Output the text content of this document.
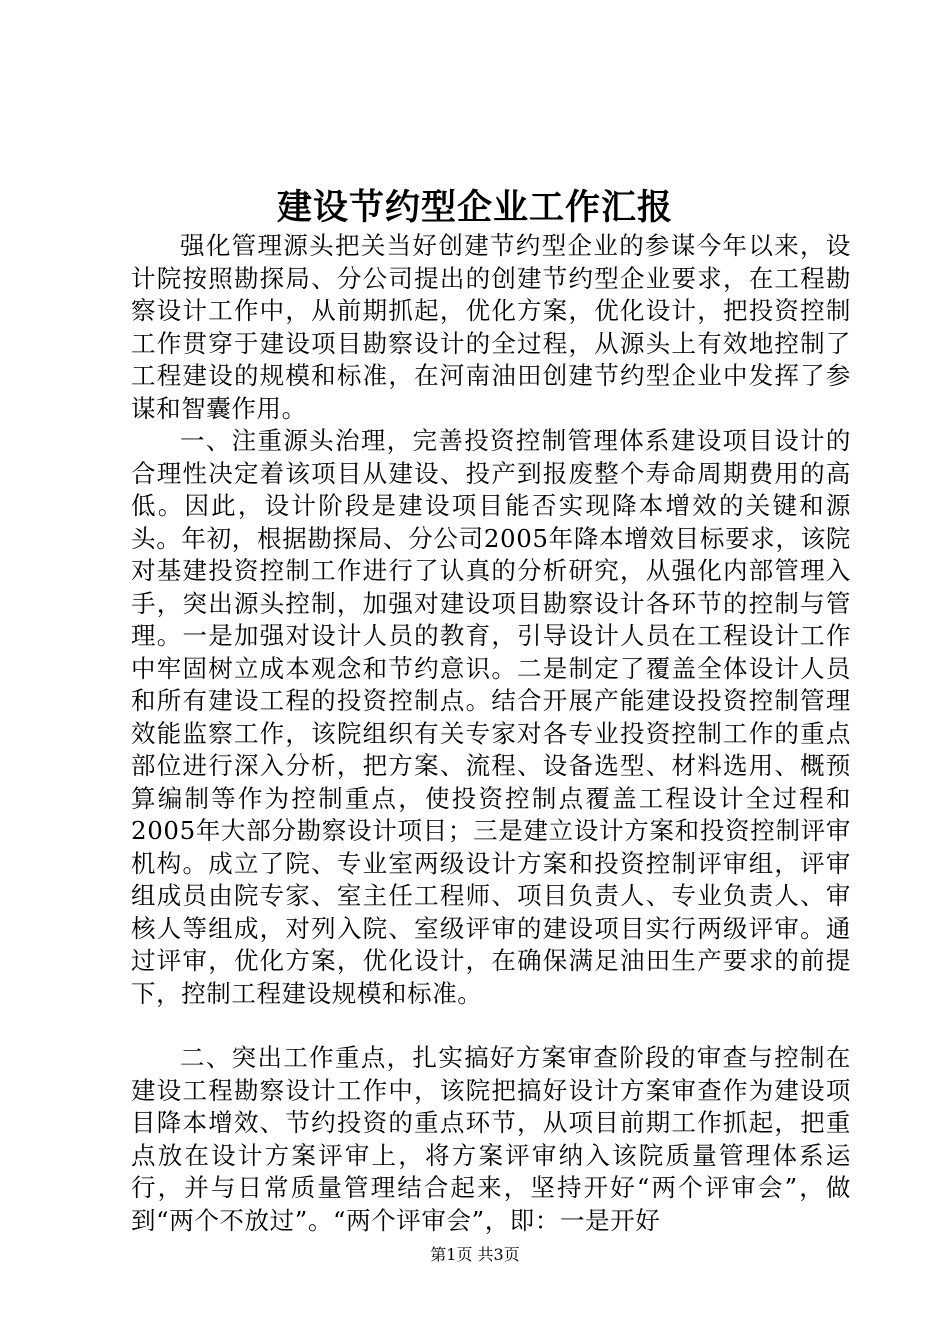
建设节约型企业工作汇报

强化管理源头把关当好创建节约型企业的参谋今年以来，设计院按照勘探局、分公司提出的创建节约型企业要求，在工程勘察设计工作中，从前期抓起，优化方案，优化设计，把投资控制工作贯穿于建设项目勘察设计的全过程，从源头上有效地控制了工程建设的规模和标准，在河南油田创建节约型企业中发挥了参谋和智囊作用。

一、注重源头治理，完善投资控制管理体系建设项目设计的合理性决定着该项目从建设、投产到报废整个寿命周期费用的高低。因此，设计阶段是建设项目能否实现降本增效的关键和源头。年初，根据勘探局、分公司2005年降本增效目标要求，该院对基建投资控制工作进行了认真的分析研究，从强化内部管理入手，突出源头控制，加强对建设项目勘察设计各环节的控制与管理。一是加强对设计人员的教育，引导设计人员在工程设计工作中牢固树立成本观念和节约意识。二是制定了覆盖全体设计人员和所有建设工程的投资控制点。结合开展产能建设投资控制管理效能监察工作，该院组织有关专家对各专业投资控制工作的重点部位进行深入分析，把方案、流程、设备选型、材料选用、概预算编制等作为控制重点，使投资控制点覆盖工程设计全过程和2005年大部分勘察设计项目；三是建立设计方案和投资控制评审机构。成立了院、专业室两级设计方案和投资控制评审组，评审组成员由院专家、室主任工程师、项目负责人、专业负责人、审核人等组成，对列入院、室级评审的建设项目实行两级评审。通过评审，优化方案，优化设计，在确保满足油田生产要求的前提下，控制工程建设规模和标准。

二、突出工作重点，扎实搞好方案审查阶段的审查与控制在建设工程勘察设计工作中，该院把搞好设计方案审查作为建设项目降本增效、节约投资的重点环节，从项目前期工作抓起，把重点放在设计方案评审上，将方案评审纳入该院质量管理体系运行，并与日常质量管理结合起来，坚持开好“两个评审会”，做到“两个不放过”。“两个评审会”，即：一是开好

第1页 共3页
